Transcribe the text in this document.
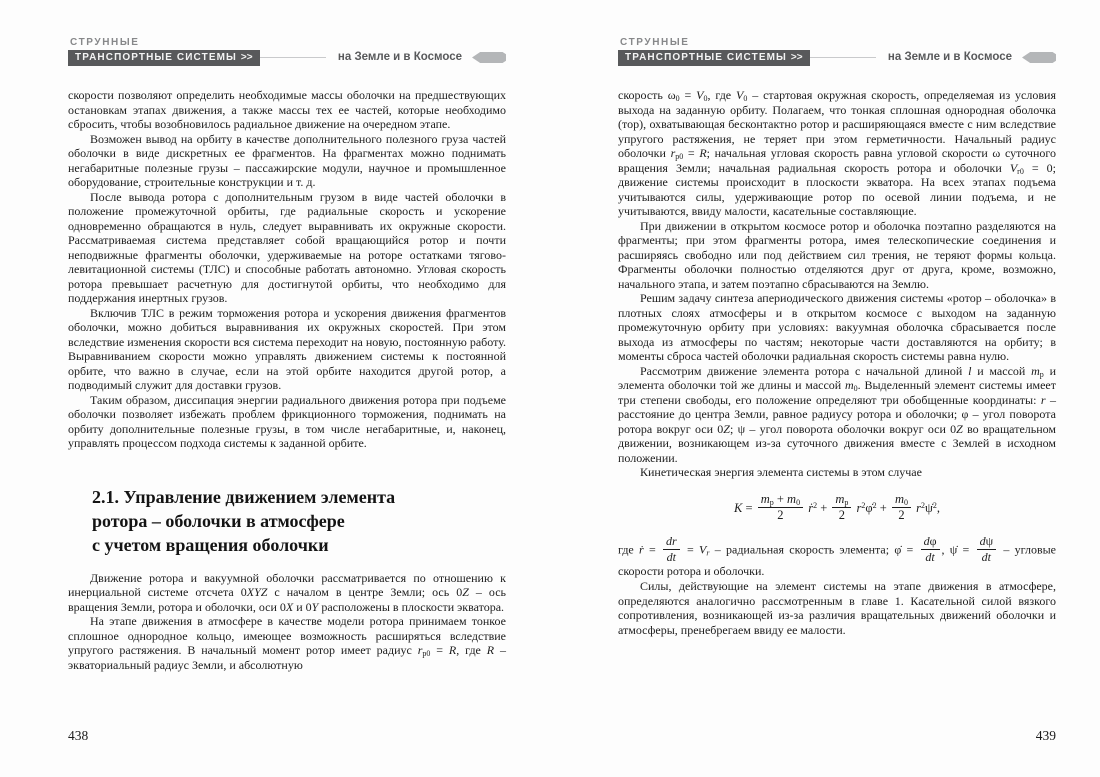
СТРУННЫЕ
ТРАНСПОРТНЫЕ СИСТЕМЫ >>	на Земле и в Космосе

скорости позволяют определить необходимые массы оболочки на предшествующих остановкам этапах движения, а также массы тех ее частей, которые необходимо сбросить, чтобы возобновилось радиальное движение на очередном этапе.

Возможен вывод на орбиту в качестве дополнительного полезного груза частей оболочки в виде дискретных ее фрагментов. На фрагментах можно поднимать негабаритные полезные грузы – пассажирские модули, научное и промышленное оборудование, строительные конструкции и т. д.

После вывода ротора с дополнительным грузом в виде частей оболочки в положение промежуточной орбиты, где радиальные скорость и ускорение одновременно обращаются в нуль, следует выравнивать их окружные скорости. Рассматриваемая система представляет собой вращающийся ротор и почти неподвижные фрагменты оболочки, удерживаемые на роторе остатками тягово-левитационной системы (ТЛС) и способные работать автономно. Угловая скорость ротора превышает расчетную для достигнутой орбиты, что необходимо для поддержания инертных грузов.

Включив ТЛС в режим торможения ротора и ускорения движения фрагментов оболочки, можно добиться выравнивания их окружных скоростей. При этом вследствие изменения скорости вся система переходит на новую, постоянную работу. Выравниванием скорости можно управлять движением системы к постоянной орбите, что важно в случае, если на этой орбите находится другой ротор, а подводимый служит для доставки грузов.

Таким образом, диссипация энергии радиального движения ротора при подъеме оболочки позволяет избежать проблем фрикционного торможения, поднимать на орбиту дополнительные полезные грузы, в том числе негабаритные, и, наконец, управлять процессом подхода системы к заданной орбите.

2.1. Управление движением элемента
ротора – оболочки в атмосфере
с учетом вращения оболочки

Движение ротора и вакуумной оболочки рассматривается по отношению к инерциальной системе отсчета 0XYZ с началом в центре Земли; ось 0Z – ось вращения Земли, ротора и оболочки, оси 0X и 0Y расположены в плоскости экватора.

На этапе движения в атмосфере в качестве модели ротора принимаем тонкое сплошное однородное кольцо, имеющее возможность расширяться вследствие упругого растяжения. В начальный момент ротор имеет радиус $r_{р0} = R$, где R – экваториальный радиус Земли, и абсолютную

438
СТРУННЫЕ
ТРАНСПОРТНЫЕ СИСТЕМЫ >>	на Земле и в Космосе

скорость $\omega_0 = V_0$, где $V_0$ – стартовая окружная скорость, определяемая из условия выхода на заданную орбиту. Полагаем, что тонкая сплошная однородная оболочка (тор), охватывающая бесконтактно ротор и расширяющаяся вместе с ним вследствие упругого растяжения, не теряет при этом герметичности. Начальный радиус оболочки $r_{р0} = R$; начальная угловая скорость равна угловой скорости ω суточного вращения Земли; начальная радиальная скорость ротора и оболочки $V_{r0} = 0$; движение системы происходит в плоскости экватора. На всех этапах подъема учитываются силы, удерживающие ротор по осевой линии подъема, и не учитываются, ввиду малости, касательные составляющие.

При движении в открытом космосе ротор и оболочка поэтапно разделяются на фрагменты; при этом фрагменты ротора, имея телескопические соединения и расширяясь свободно или под действием сил трения, не теряют формы кольца. Фрагменты оболочки полностью отделяются друг от друга, кроме, возможно, начального этапа, и затем поэтапно сбрасываются на Землю.

Решим задачу синтеза апериодического движения системы «ротор – оболочка» в плотных слоях атмосферы и в открытом космосе с выходом на заданную промежуточную орбиту при условиях: вакуумная оболочка сбрасывается после выхода из атмосферы по частям; некоторые части доставляются на орбиту; в моменты сброса частей оболочки радиальная скорость системы равна нулю.

Рассмотрим движение элемента ротора с начальной длиной l и массой $m_р$ и элемента оболочки той же длины и массой $m_0$. Выделенный элемент системы имеет три степени свободы, его положение определяют три обобщенные координаты: r – расстояние до центра Земли, равное радиусу ротора и оболочки; φ – угол поворота ротора вокруг оси 0Z; ψ – угол поворота оболочки вокруг оси 0Z во вращательном движении, возникающем из-за суточного движения вместе с Землей в исходном положении.

Кинетическая энергия элемента системы в этом случае

$K = \frac{m_р + m_0}{2}$ ṙ$^2$ + $\frac{m_р}{2}$ $r^2\varphi̇^2 + \frac{m_0}{2}$ $r^2\psi̇^2$,

где ṙ = $\frac{dr}{dt} = V_r$ – радиальная скорость элемента; φ̇ = $\frac{d\varphi}{dt}$ , ψ̇ = $\frac{d\psi}{dt}$ – угловые скорости ротора и оболочки.

Силы, действующие на элемент системы на этапе движения в атмосфере, определяются аналогично рассмотренным в главе 1. Касательной силой вязкого сопротивления, возникающей из-за различия вращательных движений оболочки и атмосферы, пренебрегаем ввиду ее малости.

439
